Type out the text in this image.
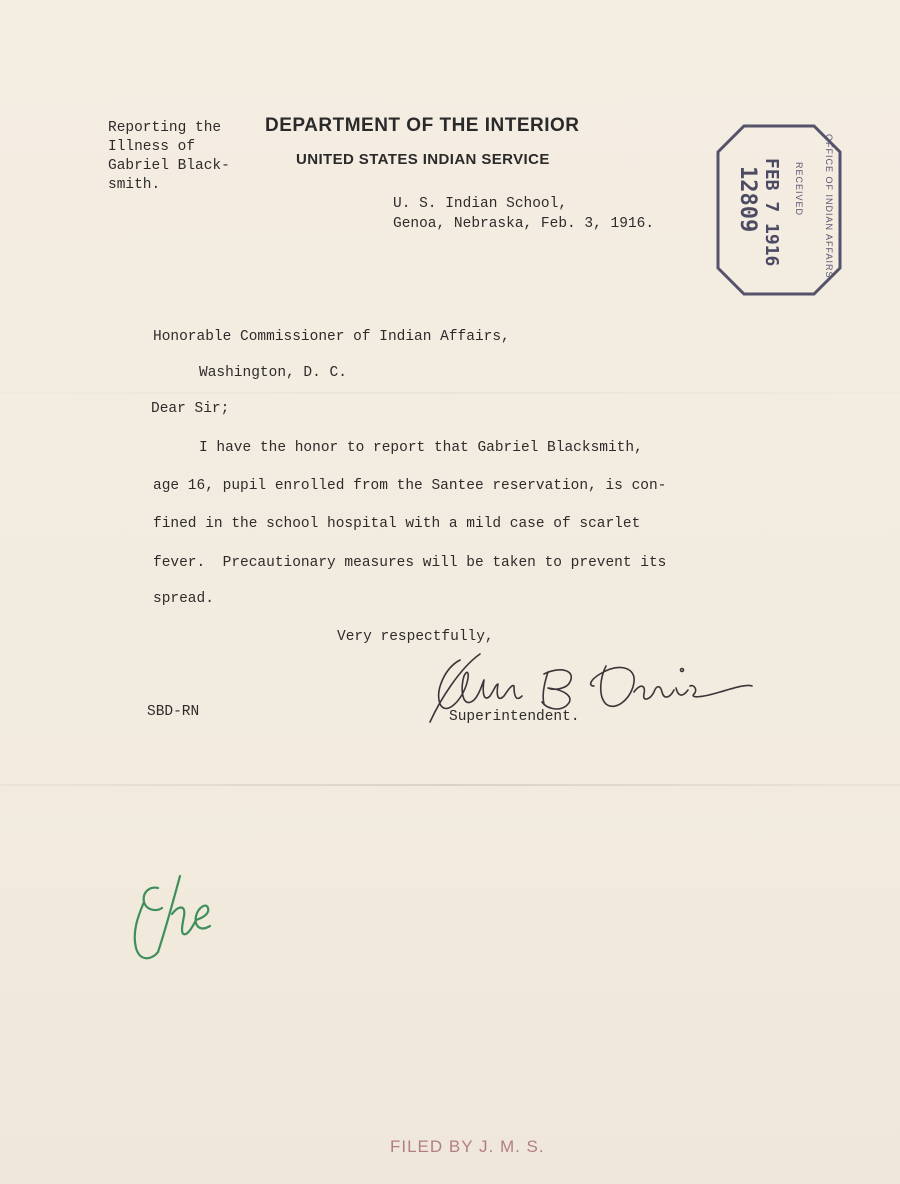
Reporting the
Illness of
Gabriel Black-
smith.
DEPARTMENT OF THE INTERIOR
UNITED STATES INDIAN SERVICE
U. S. Indian School,
Genoa, Nebraska, Feb. 3, 1916.	OFFICE OF INDIAN AFFAIRS
RECEIVED
FEB 7 1916
12809
Honorable Commissioner of Indian Affairs,
Washington, D. C.
Dear Sir;
I have the honor to report that Gabriel Blacksmith,
age 16, pupil enrolled from the Santee reservation, is con-
fined in the school hospital with a mild case of scarlet
fever.  Precautionary measures will be taken to prevent its
spread.
Very respectfully,
Superintendent.
SBD-RN
FILED BY J. M. S.
